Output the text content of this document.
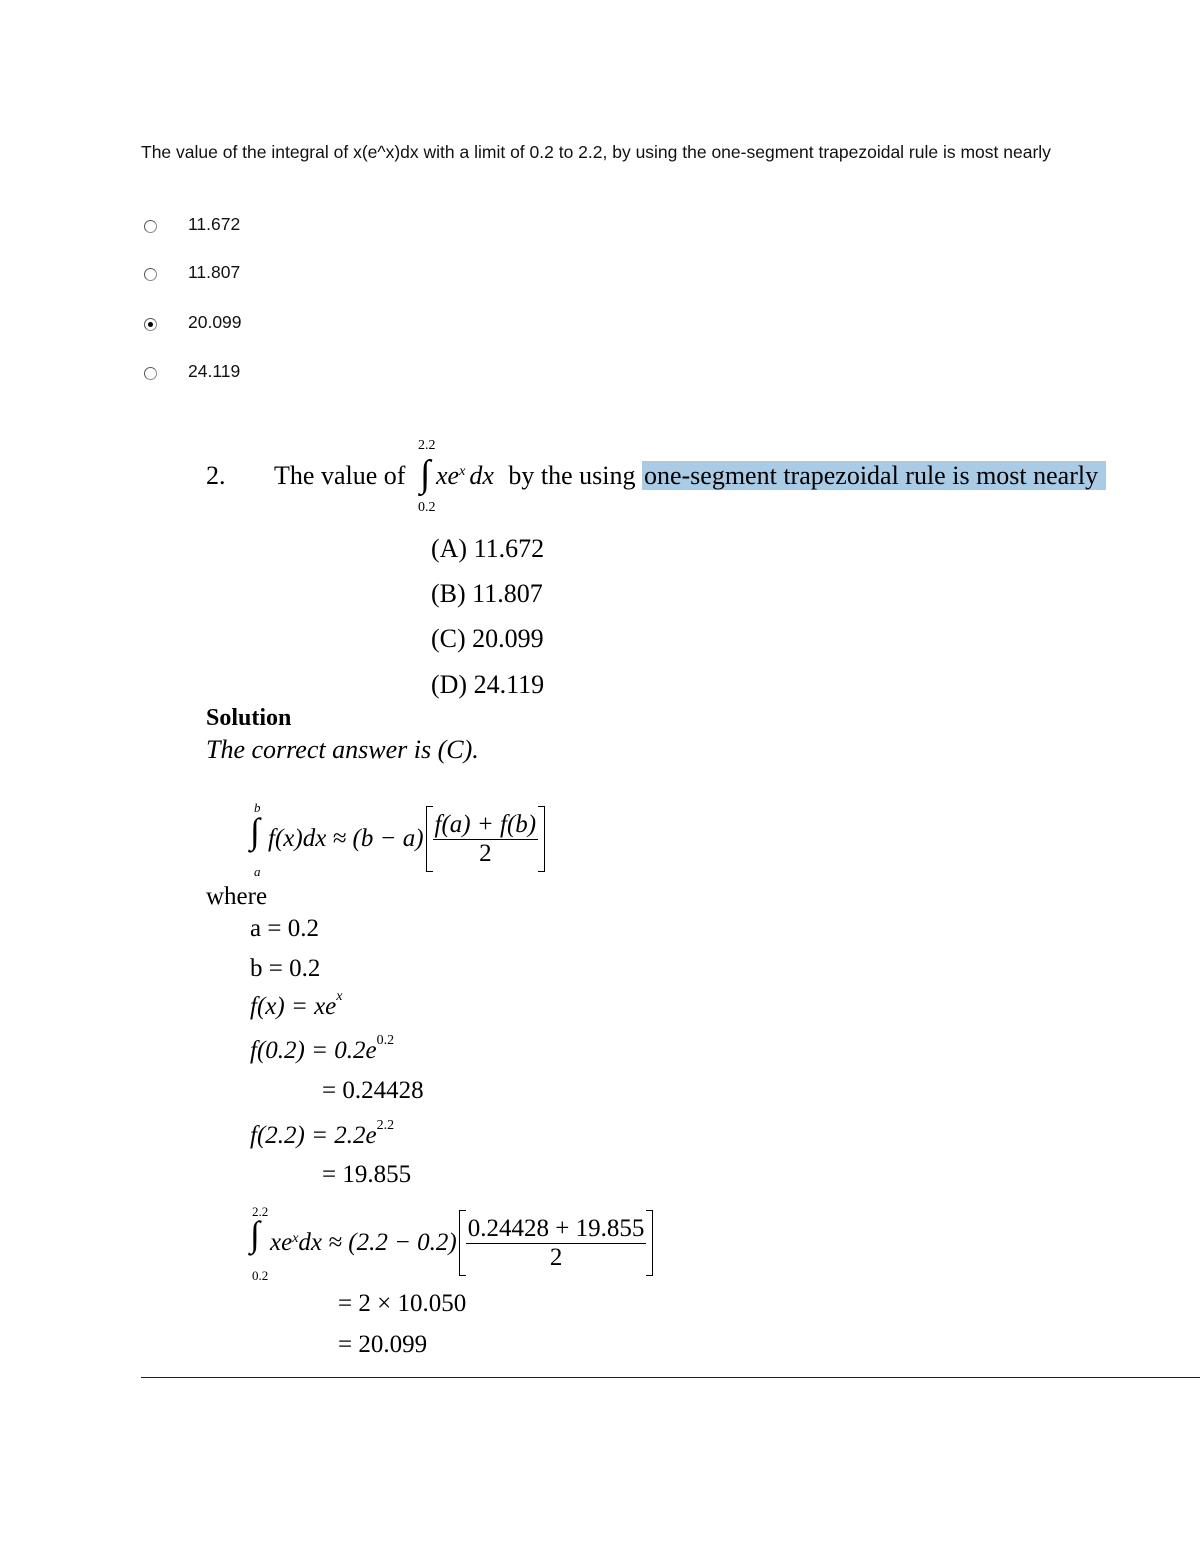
The value of the integral of x(e^x)dx with a limit of 0.2 to 2.2, by using the one-segment trapezoidal rule is most nearly
11.672
11.807
20.099
24.119
2. The value of
2.2
∫
0.2
$xe^x$ dx by the using one-segment trapezoidal rule is most nearly
(A) 11.672
(B) 11.807
(C) 20.099
(D) 24.119
Solution
The correct answer is (C).
b
∫
a
$f(x)dx \approx (b - a) \frac{f(a) + f(b)}{2}$
where
a = 0.2
b = 0.2
$f(x) = xe^x$
$f(0.2) = 0.2e^{0.2}$
= 0.24428
$f(2.2) = 2.2e^{2.2}$
= 19.855
2.2
∫
0.2
xe x dx ≈ $(2.2 - 0.2) \frac{0.24428 + 19.855}{2}$
= 2 × 10.050
= 20.099
